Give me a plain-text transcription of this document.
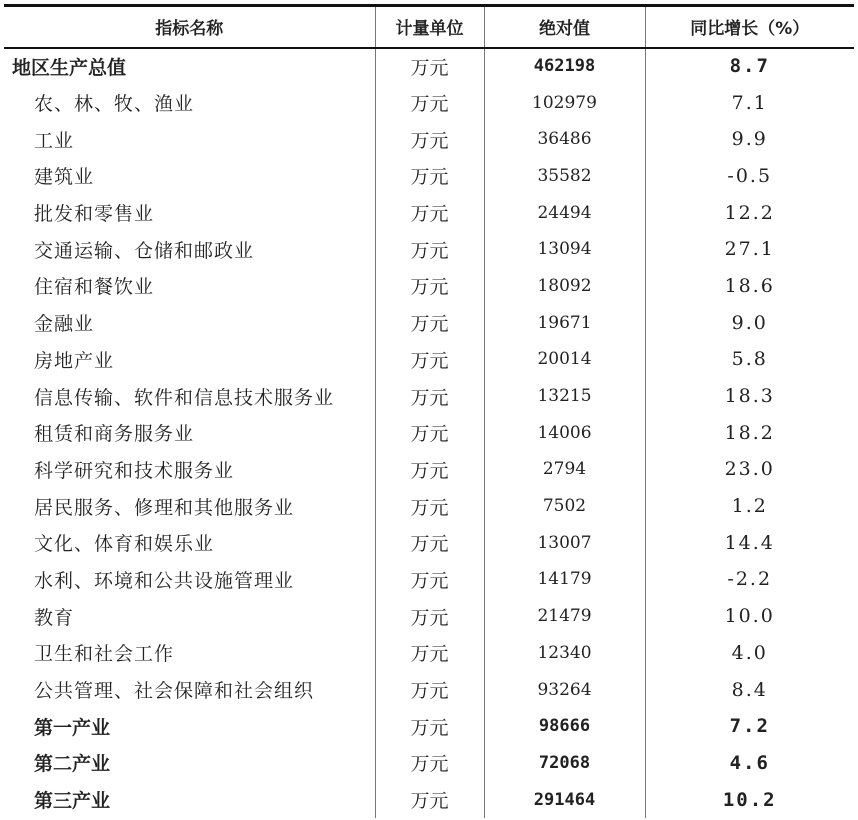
指标名称	计量单位	绝对值	同比增长（%）
地区生产总值	万元	462198	8.7
农、林、牧、渔业	万元	102979	7.1
工业	万元	36486	9.9
建筑业	万元	35582	-0.5
批发和零售业	万元	24494	12.2
交通运输、仓储和邮政业	万元	13094	27.1
住宿和餐饮业	万元	18092	18.6
金融业	万元	19671	9.0
房地产业	万元	20014	5.8
信息传输、软件和信息技术服务业	万元	13215	18.3
租赁和商务服务业	万元	14006	18.2
科学研究和技术服务业	万元	2794	23.0
居民服务、修理和其他服务业	万元	7502	1.2
文化、体育和娱乐业	万元	13007	14.4
水利、环境和公共设施管理业	万元	14179	-2.2
教育	万元	21479	10.0
卫生和社会工作	万元	12340	4.0
公共管理、社会保障和社会组织	万元	93264	8.4
第一产业	万元	98666	7.2
第二产业	万元	72068	4.6
第三产业	万元	291464	10.2
